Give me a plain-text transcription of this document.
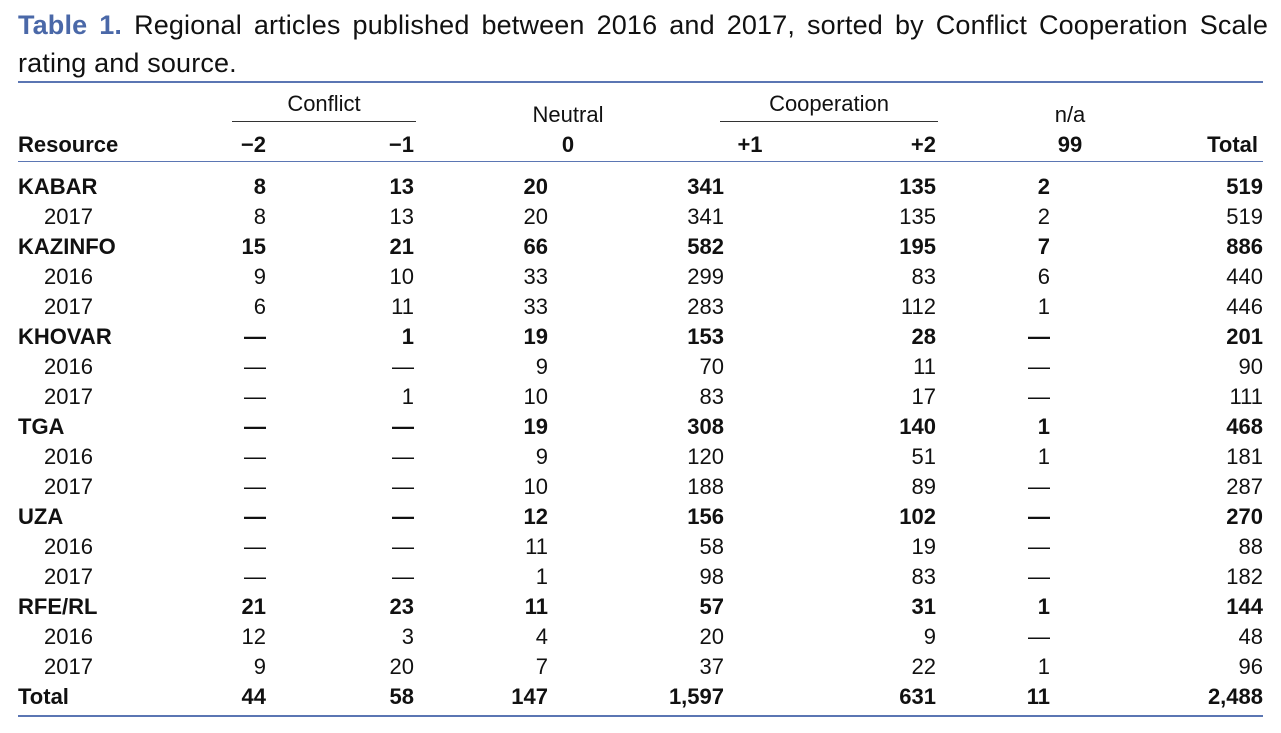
Table 1. Regional articles published between 2016 and 2017, sorted by Conflict Cooperation Scale rating and source.
Conflict	Neutral	Cooperation	n/a
Resource	−2	−1	0	+1	+2	99	Total
KABAR	8	13	20	341	135	2	519
2017	8	13	20	341	135	2	519
KAZINFO	15	21	66	582	195	7	886
2016	9	10	33	299	83	6	440
2017	6	11	33	283	112	1	446
KHOVAR	—	1	19	153	28	—	201
2016	—	—	9	70	11	—	90
2017	—	1	10	83	17	—	111
TGA	—	—	19	308	140	1	468
2016	—	—	9	120	51	1	181
2017	—	—	10	188	89	—	287
UZA	—	—	12	156	102	—	270
2016	—	—	11	58	19	—	88
2017	—	—	1	98	83	—	182
RFE/RL	21	23	11	57	31	1	144
2016	12	3	4	20	9	—	48
2017	9	20	7	37	22	1	96
Total	44	58	147	1,597	631	11	2,488
